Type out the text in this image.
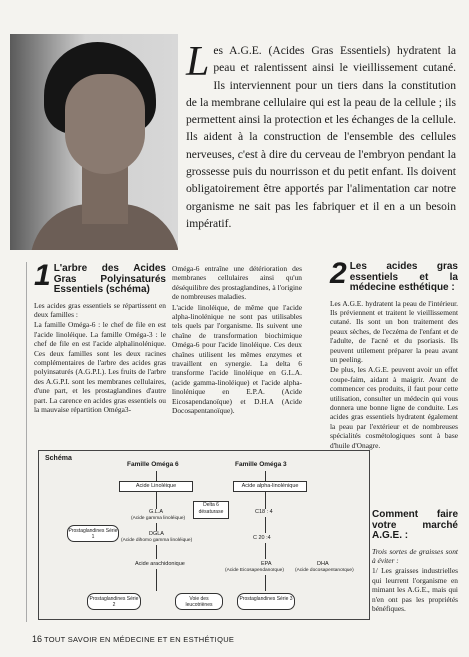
L es A.G.E. (Acides Gras Essentiels) hydratent la peau et ralentissent ainsi le vieillissement cutané. Ils interviennent pour un tiers dans la constitution de la membrane cellulaire qui est la peau de la cellule ; ils permettent ainsi la protection et les échanges de la cellule. Ils aident à la construction de l'ensemble des cellules nerveuses, c'est à dire du cerveau de l'embryon pendant la grossesse puis du nourrisson et du petit enfant. Ils doivent obligatoirement être apportés par l'alimentation car notre organisme ne sait pas les fabriquer et il en a un besoin impératif.

1 L'arbre des Acides Gras Polyinsaturés Essentiels (schéma)

Les acides gras essentiels se répartissent en deux familles :

La famille Oméga-6 : le chef de file en est l'acide linoléique. La famille Oméga-3 : le chef de file en est l'acide alphalinolénique. Ces deux familles sont les deux racines complémentaires de l'arbre des acides gras polyinsaturés (A.G.P.I.). Les fruits de l'arbre des A.G.P.I. sont les membranes cellulaires, d'une part, et les prostaglandines d'autre part. La carence en acides gras essentiels ou la mauvaise répartition Oméga3-

Oméga-6 entraîne une détérioration des membranes cellulaires ainsi qu'un déséquilibre des prostaglandines, à l'origine de nombreuses maladies.

L'acide linoléique, de même que l'acide alpha-linolénique ne sont pas utilisables tels quels par l'organisme. Ils suivent une chaîne de transformation biochimique Oméga-6 pour l'acide linoléique. Ces deux chaînes utilisent les mêmes enzymes et travaillent en synergie. La delta 6 transforme l'acide linoléique en G.L.A. (acide gamma-linoléique) et l'acide alpha-linolénique en E.P.A. (Acide Eicosapendanoïque) et D.H.A (Acide Docosapentanoïque).

2 Les acides gras essentiels et la médecine esthétique :

Les A.G.E. hydratent la peau de l'intérieur. Ils préviennent et traitent le vieillissement cutané. Ils sont un bon traitement des peaux sèches, de l'eczéma de l'enfant et de l'adulte, de l'acné et du psoriasis. Ils peuvent utilement préparer la peau avant un peeling.

De plus, les A.G.E. peuvent avoir un effet coupe-faim, aidant à maigrir. Avant de commencer ces produits, il faut pour cette utilisation, consulter un médecin qui vous donnera une bonne ligne de conduite. Les acides gras essentiels hydratent également la peau par l'extérieur et de nombreuses spécialités cosmétologiques sont à base d'huile d'Onagre.

Comment faire votre marché A.G.E. :

Trois sortes de graisses sont à éviter :

1/ Les graisses industrielles qui leurrent l'organisme en mimant les A.G.E., mais qui n'en ont pas les propriétés bénéfiques.

Schéma
Famille Oméga 6	Famille Oméga 3
Acide Linoléique	Acide alpha-linolénique
Delta 6 désaturase
G.L.A
(Acide gamma linoléique)
C18 : 4
Prostaglandines Série 1	DGLA
(Acide dihomo gamma linoléique)	C 20 :4
Acide arachidonique	EPA
(Acide Eicosapendanoïque)
DHA
(Acide docosapentanoïque)
Prostaglandines Série 2
Voie des leucotriènes
Prostaglandines Série 3
16 TOUT SAVOIR EN MÉDECINE ET EN ESTHÉTIQUE
